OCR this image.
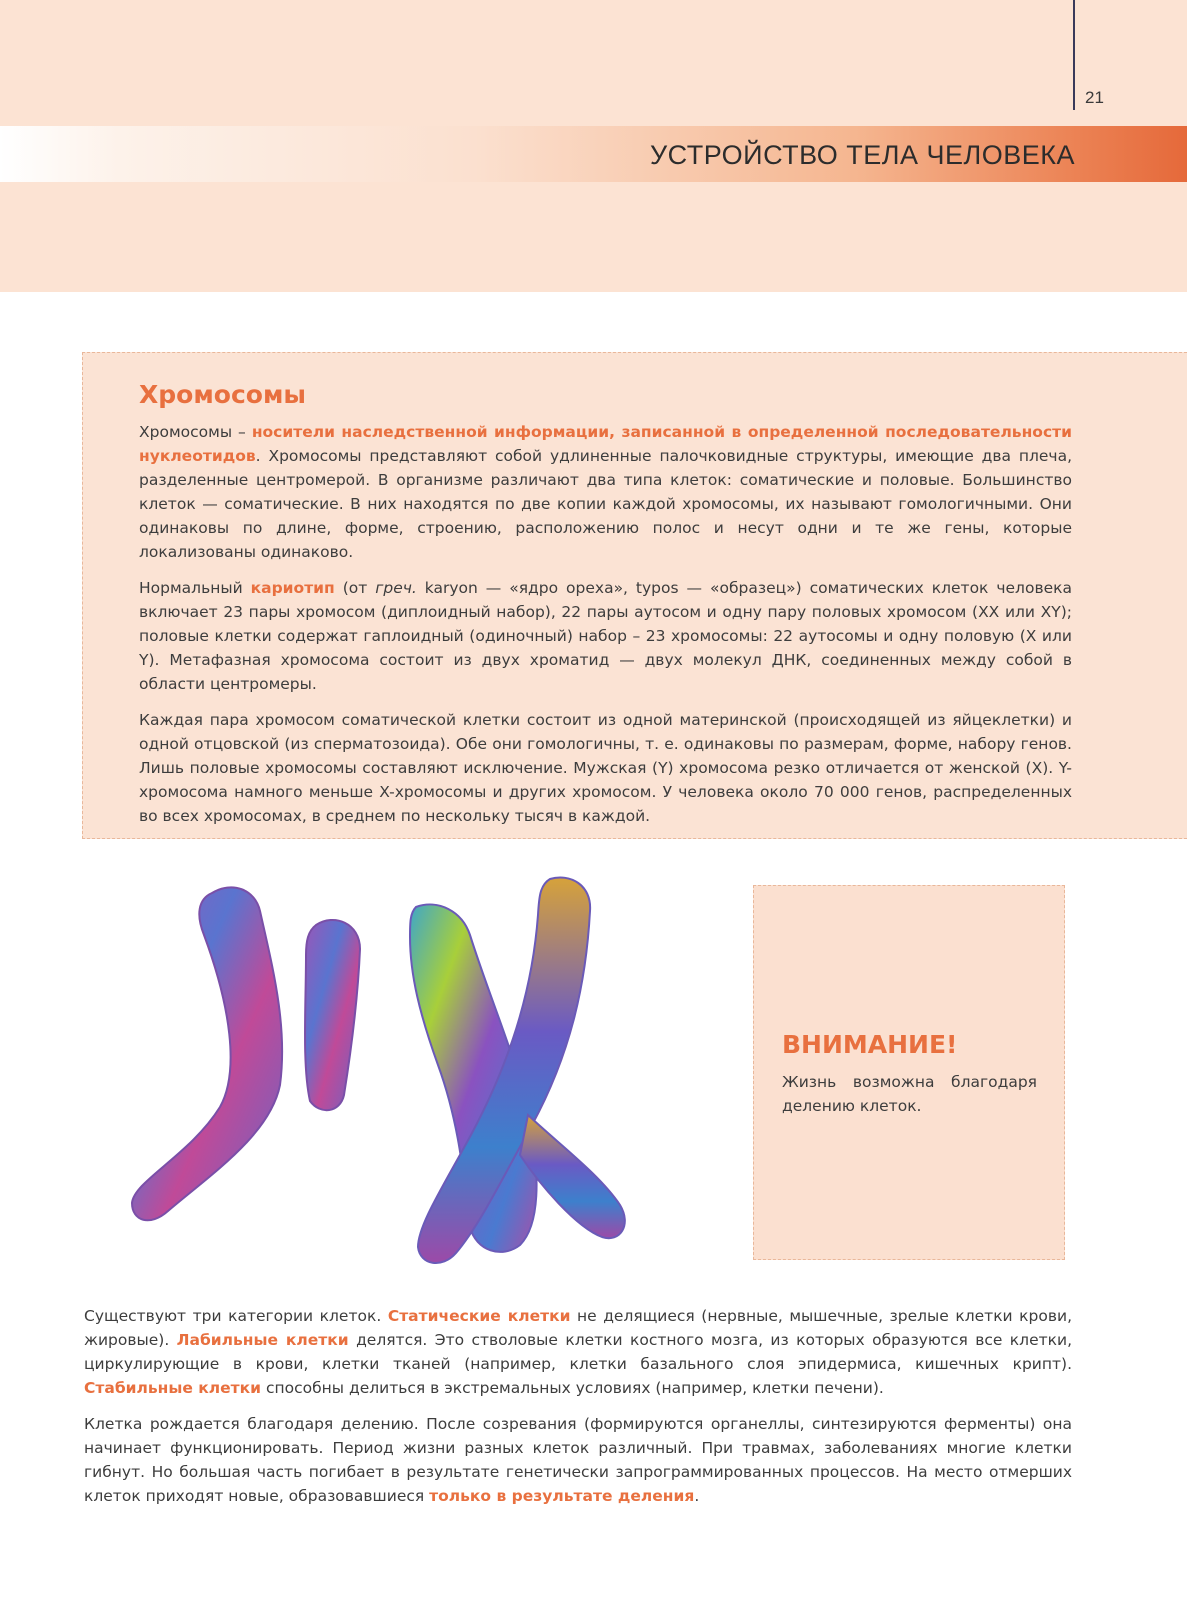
УСТРОЙСТВО ТЕЛА ЧЕЛОВЕКА
21
Хромосомы

Хромосомы – носители наследственной информации, записанной в определенной последовательности нуклеотидов. Хромосомы представляют собой удлиненные палочковидные структуры, имеющие два плеча, разделенные центромерой. В организме различают два типа клеток: соматические и половые. Большинство клеток — соматические. В них находятся по две копии каждой хромосомы, их называют гомологичными. Они одинаковы по длине, форме, строению, расположению полос и несут одни и те же гены, которые локализованы одинаково.

Нормальный кариотип (от греч. karyon — «ядро ореха», typos — «образец») соматических клеток человека включает 23 пары хромосом (диплоидный набор), 22 пары аутосом и одну пару половых хромосом (XX или XY); половые клетки содержат гаплоидный (одиночный) набор – 23 хромосомы: 22 аутосомы и одну половую (X или Y). Метафазная хромосома состоит из двух хроматид — двух молекул ДНК, соединенных между собой в области центромеры.

Каждая пара хромосом соматической клетки состоит из одной материнской (происходящей из яйцеклетки) и одной отцовской (из сперматозоида). Обе они гомологичны, т. е. одинаковы по размерам, форме, набору генов. Лишь половые хромосомы составляют исключение. Мужская (Y) хромосома резко отличается от женской (X). Y-хромосома намного меньше X-хромосомы и других хромосом. У человека около 70 000 генов, распределенных во всех хромосомах, в среднем по нескольку тысяч в каждой.

ВНИМАНИЕ!
Жизнь возможна благодаря делению клеток.

Существуют три категории клеток. Статические клетки не делящиеся (нервные, мышечные, зрелые клетки крови, жировые). Лабильные клетки делятся. Это стволовые клетки костного мозга, из которых образуются все клетки, циркулирующие в крови, клетки тканей (например, клетки базального слоя эпидермиса, кишечных крипт). Стабильные клетки способны делиться в экстремальных условиях (например, клетки печени).

Клетка рождается благодаря делению. После созревания (формируются органеллы, синтезируются ферменты) она начинает функционировать. Период жизни разных клеток различный. При травмах, заболеваниях многие клетки гибнут. Но большая часть погибает в результате генетически запрограммированных процессов. На место отмерших клеток приходят новые, образовавшиеся только в результате деления.
